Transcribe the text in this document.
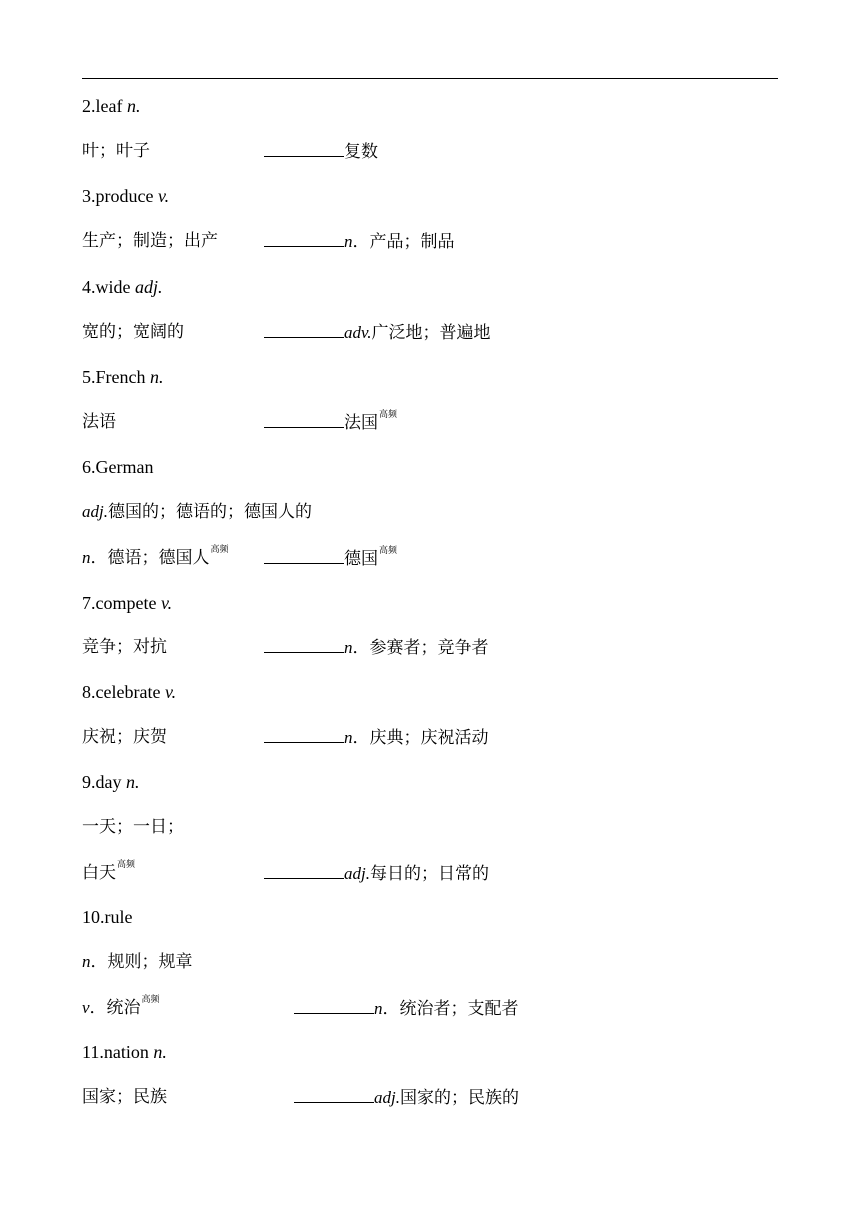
2.leaf n.
叶；叶子	复数
3.produce v.
生产；制造；出产	n．产品；制品
4.wide adj.
宽的；宽阔的	adv.广泛地；普遍地
5.French n.
法语	法国$^{高频}$
6.German
adj.德国的；德语的；德国人的
n．德语；德国人$^{高频}$	德国$^{高频}$
7.compete v.
竞争；对抗	n．参赛者；竞争者
8.celebrate v.
庆祝；庆贺	n．庆典；庆祝活动
9.day n.
一天；一日；
白天$^{高频}$	adj.每日的；日常的
10.rule
n．规则；规章
v．统治$^{高频}$	n．统治者；支配者
11.nation n.
国家；民族	adj.国家的；民族的
